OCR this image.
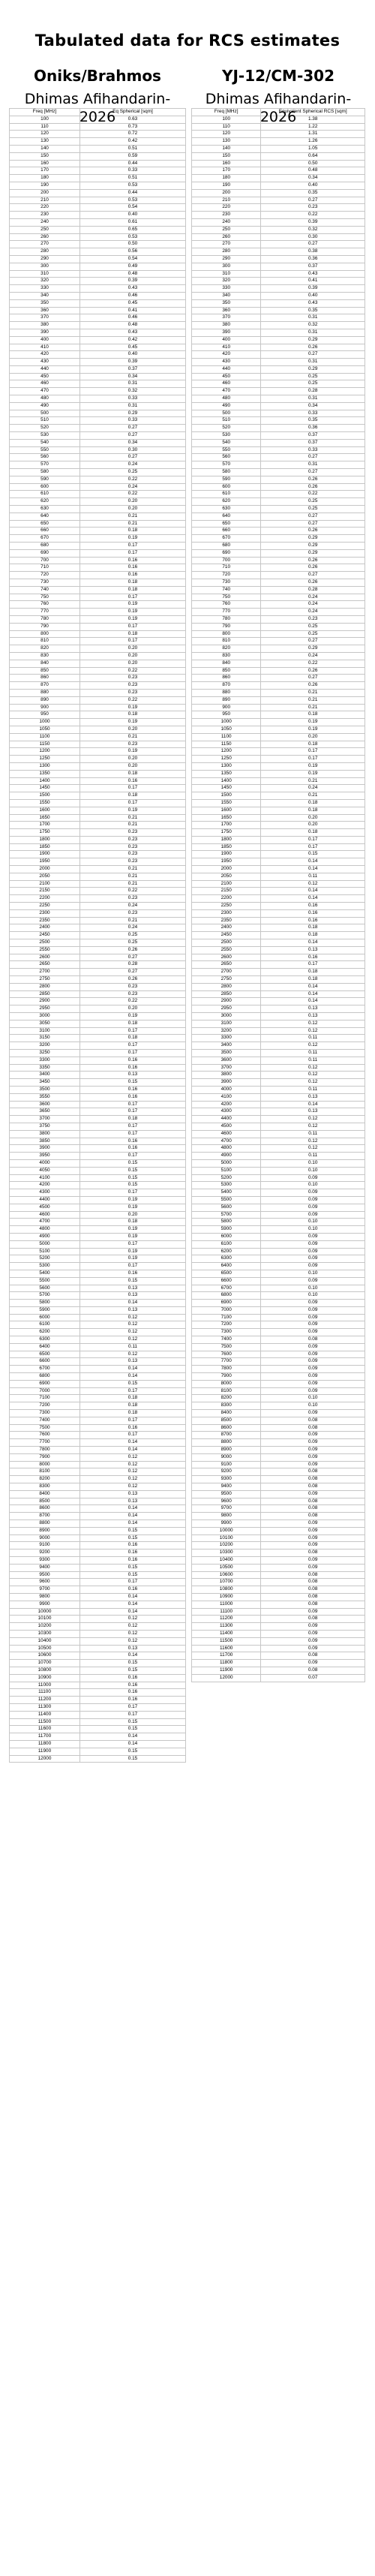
Tabulated data for RCS estimates
Oniks/Brahmos
Dhimas Afihandarin-2026
Freq [MHz]	Eq Spherical [sqm]
100	0.63
110	0.73
120	0.72
130	0.42
140	0.51
150	0.59
160	0.44
170	0.33
180	0.51
190	0.53
200	0.44
210	0.53
220	0.54
230	0.40
240	0.61
250	0.65
260	0.53
270	0.50
280	0.56
290	0.54
300	0.49
310	0.48
320	0.39
330	0.43
340	0.46
350	0.45
360	0.41
370	0.46
380	0.48
390	0.43
400	0.42
410	0.45
420	0.40
430	0.39
440	0.37
450	0.34
460	0.31
470	0.32
480	0.33
490	0.31
500	0.29
510	0.33
520	0.27
530	0.27
540	0.34
550	0.30
560	0.27
570	0.24
580	0.25
590	0.22
600	0.24
610	0.22
620	0.20
630	0.20
640	0.21
650	0.21
660	0.18
670	0.19
680	0.17
690	0.17
700	0.16
710	0.16
720	0.16
730	0.18
740	0.18
750	0.17
760	0.19
770	0.19
780	0.19
790	0.17
800	0.18
810	0.17
820	0.20
830	0.20
840	0.20
850	0.22
860	0.23
870	0.23
880	0.23
890	0.22
900	0.19
950	0.18
1000	0.19
1050	0.20
1100	0.21
1150	0.23
1200	0.19
1250	0.20
1300	0.20
1350	0.18
1400	0.16
1450	0.17
1500	0.18
1550	0.17
1600	0.19
1650	0.21
1700	0.21
1750	0.23
1800	0.23
1850	0.23
1900	0.23
1950	0.23
2000	0.21
2050	0.21
2100	0.21
2150	0.22
2200	0.23
2250	0.24
2300	0.23
2350	0.21
2400	0.24
2450	0.25
2500	0.25
2550	0.26
2600	0.27
2650	0.28
2700	0.27
2750	0.26
2800	0.23
2850	0.23
2900	0.22
2950	0.20
3000	0.19
3050	0.18
3100	0.17
3150	0.18
3200	0.17
3250	0.17
3300	0.16
3350	0.16
3400	0.13
3450	0.15
3500	0.16
3550	0.16
3600	0.17
3650	0.17
3700	0.18
3750	0.17
3800	0.17
3850	0.16
3900	0.16
3950	0.17
4000	0.15
4050	0.15
4100	0.15
4200	0.15
4300	0.17
4400	0.19
4500	0.19
4600	0.20
4700	0.18
4800	0.19
4900	0.19
5000	0.17
5100	0.19
5200	0.19
5300	0.17
5400	0.16
5500	0.15
5600	0.13
5700	0.13
5800	0.14
5900	0.13
6000	0.12
6100	0.12
6200	0.12
6300	0.12
6400	0.11
6500	0.12
6600	0.13
6700	0.14
6800	0.14
6900	0.15
7000	0.17
7100	0.18
7200	0.18
7300	0.18
7400	0.17
7500	0.16
7600	0.17
7700	0.14
7800	0.14
7900	0.12
8000	0.12
8100	0.12
8200	0.12
8300	0.12
8400	0.13
8500	0.13
8600	0.14
8700	0.14
8800	0.14
8900	0.15
9000	0.15
9100	0.16
9200	0.16
9300	0.16
9400	0.15
9500	0.15
9600	0.17
9700	0.16
9800	0.14
9900	0.14
10000	0.14
10100	0.12
10200	0.12
10300	0.12
10400	0.12
10500	0.13
10600	0.14
10700	0.15
10800	0.15
10900	0.16
11000	0.16
11100	0.16
11200	0.16
11300	0.17
11400	0.17
11500	0.15
11600	0.15
11700	0.14
11800	0.14
11900	0.15
12000	0.15
YJ-12/CM-302
Dhimas Afihandarin-2026
Freq [MHz]	Equivalent Spherical RCS [sqm]
100	1.38
110	1.22
120	1.31
130	1.26
140	1.05
150	0.64
160	0.50
170	0.48
180	0.34
190	0.40
200	0.35
210	0.27
220	0.23
230	0.22
240	0.39
250	0.32
260	0.30
270	0.27
280	0.38
290	0.36
300	0.37
310	0.43
320	0.41
330	0.39
340	0.40
350	0.43
360	0.35
370	0.31
380	0.32
390	0.31
400	0.29
410	0.26
420	0.27
430	0.31
440	0.29
450	0.25
460	0.25
470	0.28
480	0.31
490	0.34
500	0.33
510	0.35
520	0.36
530	0.37
540	0.37
550	0.33
560	0.27
570	0.31
580	0.27
590	0.26
600	0.26
610	0.22
620	0.25
630	0.25
640	0.27
650	0.27
660	0.26
670	0.29
680	0.29
690	0.29
700	0.26
710	0.26
720	0.27
730	0.26
740	0.28
750	0.24
760	0.24
770	0.24
780	0.23
790	0.25
800	0.25
810	0.27
820	0.29
830	0.24
840	0.22
850	0.26
860	0.27
870	0.26
880	0.21
890	0.21
900	0.21
950	0.18
1000	0.19
1050	0.19
1100	0.20
1150	0.18
1200	0.17
1250	0.17
1300	0.19
1350	0.19
1400	0.21
1450	0.24
1500	0.21
1550	0.18
1600	0.18
1650	0.20
1700	0.20
1750	0.18
1800	0.17
1850	0.17
1900	0.15
1950	0.14
2000	0.14
2050	0.11
2100	0.12
2150	0.14
2200	0.14
2250	0.16
2300	0.16
2350	0.16
2400	0.18
2450	0.18
2500	0.14
2550	0.13
2600	0.16
2650	0.17
2700	0.18
2750	0.18
2800	0.14
2850	0.14
2900	0.14
2950	0.13
3000	0.13
3100	0.12
3200	0.12
3300	0.11
3400	0.12
3500	0.11
3600	0.11
3700	0.12
3800	0.12
3900	0.12
4000	0.11
4100	0.13
4200	0.14
4300	0.13
4400	0.12
4500	0.12
4600	0.11
4700	0.12
4800	0.12
4900	0.11
5000	0.10
5100	0.10
5200	0.09
5300	0.10
5400	0.09
5500	0.09
5600	0.09
5700	0.09
5800	0.10
5900	0.10
6000	0.09
6100	0.09
6200	0.09
6300	0.09
6400	0.09
6500	0.10
6600	0.09
6700	0.10
6800	0.10
6900	0.09
7000	0.09
7100	0.09
7200	0.09
7300	0.09
7400	0.08
7500	0.09
7600	0.09
7700	0.09
7800	0.09
7900	0.09
8000	0.09
8100	0.09
8200	0.10
8300	0.10
8400	0.09
8500	0.08
8600	0.08
8700	0.09
8800	0.09
8900	0.09
9000	0.09
9100	0.09
9200	0.08
9300	0.08
9400	0.08
9500	0.09
9600	0.08
9700	0.08
9800	0.08
9900	0.09
10000	0.09
10100	0.09
10200	0.09
10300	0.08
10400	0.09
10500	0.09
10600	0.08
10700	0.08
10800	0.08
10900	0.08
11000	0.08
11100	0.09
11200	0.08
11300	0.09
11400	0.09
11500	0.09
11600	0.09
11700	0.08
11800	0.09
11900	0.08
12000	0.07
